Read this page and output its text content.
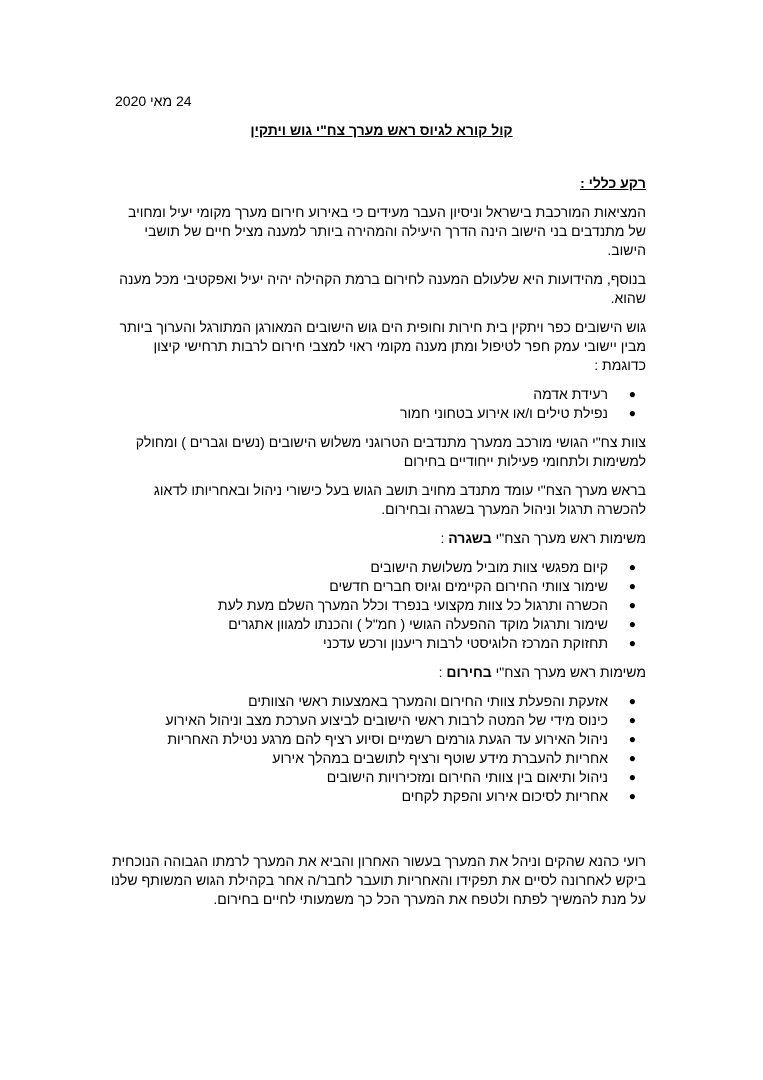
24 מאי 2020
קול קורא לגיוס ראש מערך צח"י גוש ויתקין
רקע כללי :
המציאות המורכבת בישראל וניסיון העבר מעידים כי באירוע חירום מערך מקומי יעיל ומחויב של מתנדבים בני הישוב הינה הדרך היעילה והמהירה ביותר למענה מציל חיים של תושבי הישוב.
בנוסף, מהידועות היא שלעולם המענה לחירום ברמת הקהילה יהיה יעיל ואפקטיבי מכל מענה שהוא.
גוש הישובים כפר ויתקין בית חירות וחופית הים גוש הישובים המאורגן המתורגל והערוך ביותר מבין יישובי עמק חפר לטיפול ומתן מענה מקומי ראוי למצבי חירום לרבות תרחישי קיצון כדוגמת :
●
רעידת אדמה
●
נפילת טילים ו/או אירוע בטחוני חמור
צוות צח"י הגושי מורכב ממערך מתנדבים הטרוגני משלוש הישובים (נשים וגברים ) ומחולק למשימות ולתחומי פעילות ייחודיים בחירום
בראש מערך הצח"י עומד מתנדב מחויב תושב הגוש בעל כישורי ניהול ובאחריותו לדאוג להכשרה תרגול וניהול המערך בשגרה ובחירום.
משימות ראש מערך הצח"י בשגרה :
●
קיום מפגשי צוות מוביל משלושת הישובים
●
שימור צוותי החירום הקיימים וגיוס חברים חדשים
●
הכשרה ותרגול כל צוות מקצועי בנפרד וכלל המערך השלם מעת לעת
●
שימור ותרגול מוקד ההפעלה הגושי ( חמ"ל ) והכנתו למגוון אתגרים
●
תחזוקת המרכז הלוגיסטי לרבות ריענון ורכש עדכני
משימות ראש מערך הצח"י בחירום :
●
אזעקת והפעלת צוותי החירום והמערך באמצעות ראשי הצוותים
●
כינוס מידי של המטה לרבות ראשי הישובים לביצוע הערכת מצב וניהול האירוע
●
ניהול האירוע עד הגעת גורמים רשמיים וסיוע רציף להם מרגע נטילת האחריות
●
אחריות להעברת מידע שוטף ורציף לתושבים במהלך אירוע
●
ניהול ותיאום בין צוותי החירום ומזכירויות הישובים
●
אחריות לסיכום אירוע והפקת לקחים
רועי כהנא שהקים וניהל את המערך בעשור האחרון והביא את המערך לרמתו הגבוהה הנוכחית ביקש לאחרונה לסיים את תפקידו והאחריות תועבר לחבר/ה אחר בקהילת הגוש המשותף שלנו על מנת להמשיך לפתח ולטפח את המערך הכל כך משמעותי לחיים בחירום.
